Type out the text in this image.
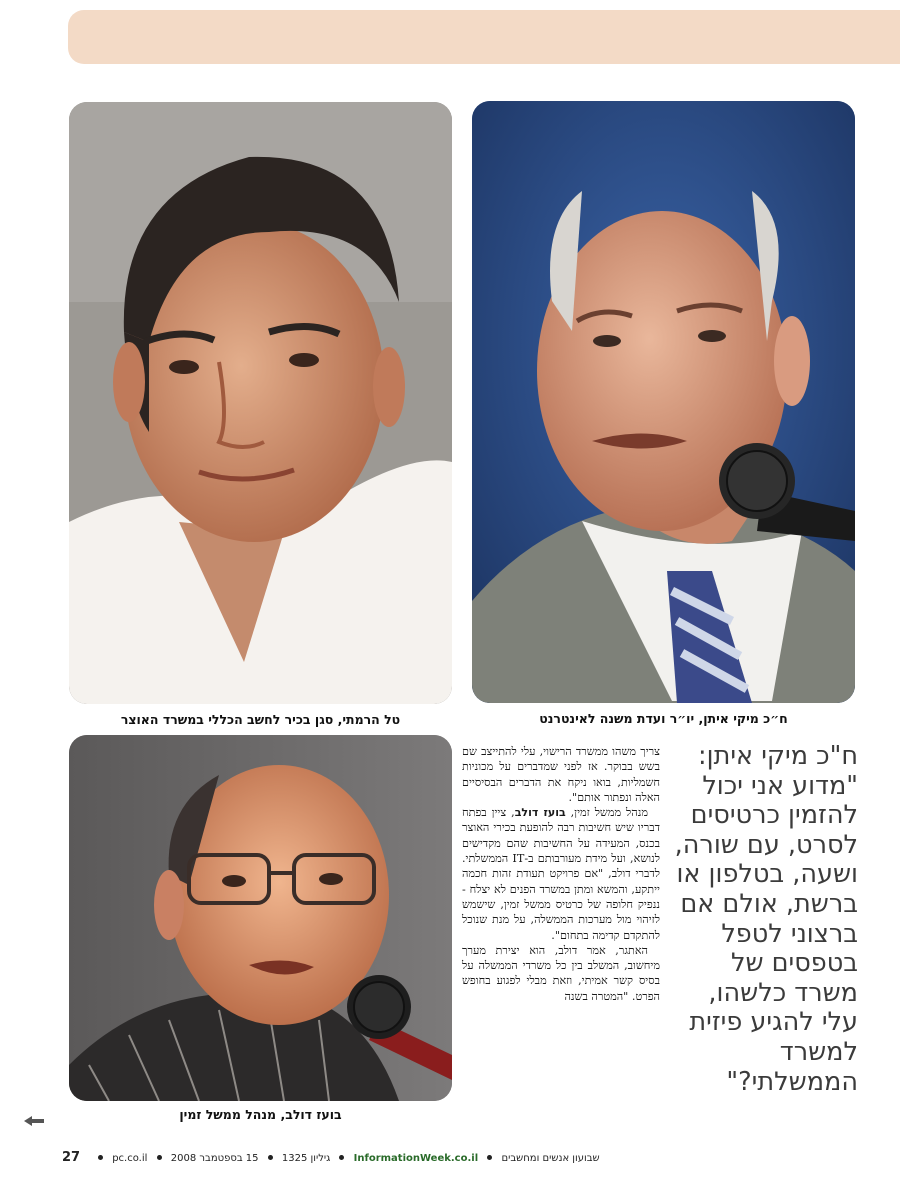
ח״כ מיקי איתן, יו״ר ועדת משנה לאינטרנט
טל הרמתי, סגן בכיר לחשב הכללי במשרד האוצר
בועז דולב, מנהל ממשל זמין
ח"כ מיקי איתן:
"מדוע אני יכול
להזמין כרטיסים
לסרט, עם שורה,
ושעה, בטלפון או
ברשת, אולם אם
ברצוני לטפל
בטפסים של
משרד כלשהו,
עלי להגיע פיזית
למשרד
הממשלתי?"

צריך משהו ממשרד הרישוי, עלי להתייצב שם בשש בבוקר. אז לפני שמדברים על מכוניות חשמליות, בואו ניקח את הדברים הבסיסיים האלה ונפתור אותם".

מנהל ממשל זמין, בועז דולב, ציין בפתח דבריו שיש חשיבות רבה להופעת בכירי האוצר בכנס, המעידה על החשיבות שהם מקדישים לנושא, ועל מידת מעורבותם ב-IT הממשלתי. לדברי דולב, "אם פרויקט תעודת זהות חכמה ייתקע, והמשא ומתן במשרד הפנים לא יצלח - ננפיק חלופה של כרטיס ממשל זמין, שישמש לזיהוי מול מערכות הממשלה, על מנת שנוכל להתקדם קדימה בתחום".

האתגר, אמר דולב, הוא יצירת מערך מיחשוב, המשלב בין כל משרדי הממשלה על בסיס קשר אמיתי, וזאת מבלי לפגוע בחופש הפרט. "המטרה בשנה

27	pc.co.il 15 בספטמבר 2008 גיליון 1325 InformationWeek.co.il שבועון אנשים ומחשבים
